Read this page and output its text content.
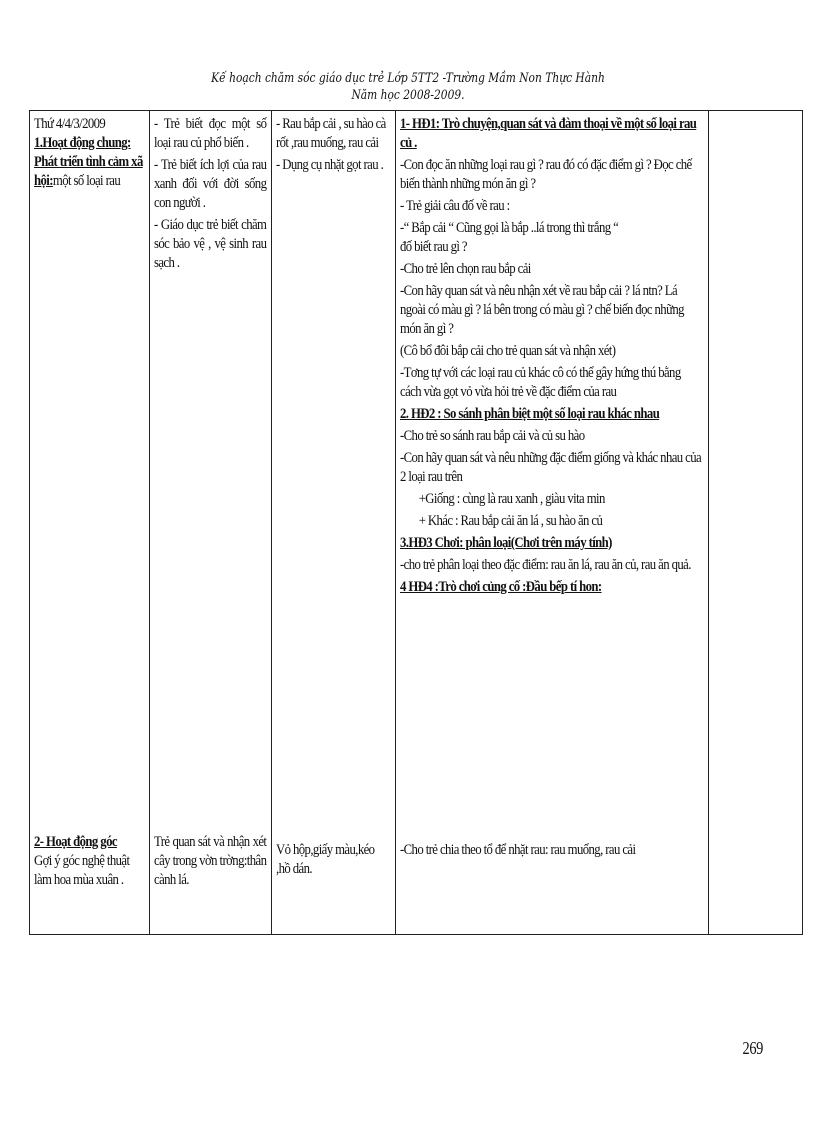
Kế hoạch chăm sóc giáo dục trẻ Lớp 5TT2 -Trường Mầm Non Thực Hành
Năm học 2008-2009.

Thứ 4/4/3/2009

1.Hoạt động chung:

Phát triển tình cảm xã hội:một số loại rau

2- Hoạt động góc

Gợi ý góc nghệ thuật làm hoa mùa xuân .

- Trẻ biết đọc một số loại rau củ phổ biến .

- Trẻ biết ích lợi của rau xanh đối với đời sống con người .

- Giáo dục trẻ biết chăm sóc bảo vệ , vệ sinh rau sạch .

Trẻ quan sát và nhận xét cây trong vờn trờng:thân cành lá.

- Rau bắp cải , su hào cà rốt ,rau muống, rau cải

- Dụng cụ nhặt gọt rau .

Vỏ hộp,giấy màu,kéo ,hồ dán.

1- HĐ1: Trò chuyện,quan sát và đàm thoại về một số loại rau củ .

-Con đọc ăn những loại rau gì ? rau đó có đặc điểm gì ? Đọc chế biến thành những món ăn gì ?

- Trẻ giải câu đố về rau :

-“ Bắp cải “ Cũng gọi là bắp ..lá trong thì trắng “

đố biết rau gì ?

-Cho trẻ lên chọn rau bắp cải

-Con hãy quan sát và nêu nhận xét về rau bắp cải ? lá ntn? Lá ngoài có màu gì ? lá bên trong có màu gì ? chế biến đọc những món ăn gì ?

(Cô bổ đôi bắp cải cho trẻ quan sát và nhận xét)

-Tơng tự với các loại rau củ khác cô có thể gây hứng thú bằng cách vừa gọt vỏ vừa hỏi trẻ về đặc điểm của rau

2. HĐ2 : So sánh phân biệt một số loại rau khác nhau

-Cho trẻ so sánh rau bắp cải và củ su hào

-Con hãy quan sát và nêu những đặc điểm giống và khác nhau của 2 loại rau trên

+Giống : cùng là rau xanh , giàu vita min

+ Khác : Rau bắp cải ăn lá , su hào ăn củ

3.HĐ3 Chơi: phân loại(Chơi trên máy tính)

-cho trẻ phân loại theo đặc điểm: rau ăn lá, rau ăn củ, rau ăn quả.

4 HĐ4 :Trò chơi củng cố :Đầu bếp tí hon:

-Cho trẻ chia theo tổ để nhặt rau: rau muống, rau cải

269
